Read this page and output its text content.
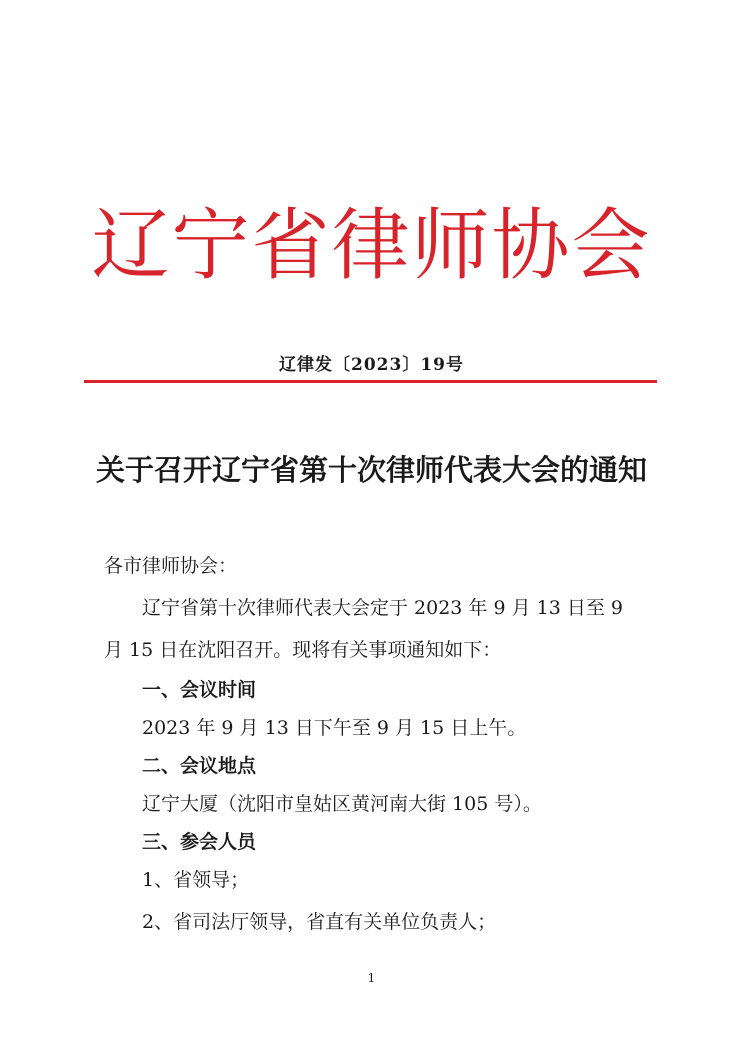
辽宁省律师协会
辽律发〔2023〕19号
关于召开辽宁省第十次律师代表大会的通知
各市律师协会：
辽宁省第十次律师代表大会定于 2023 年 9 月 13 日至 9
月 15 日在沈阳召开。现将有关事项通知如下：
一、会议时间
2023 年 9 月 13 日下午至 9 月 15 日上午。
二、会议地点
辽宁大厦（沈阳市皇姑区黄河南大街 105 号）。
三、参会人员
1、省领导；
2、省司法厅领导，省直有关单位负责人；
1
